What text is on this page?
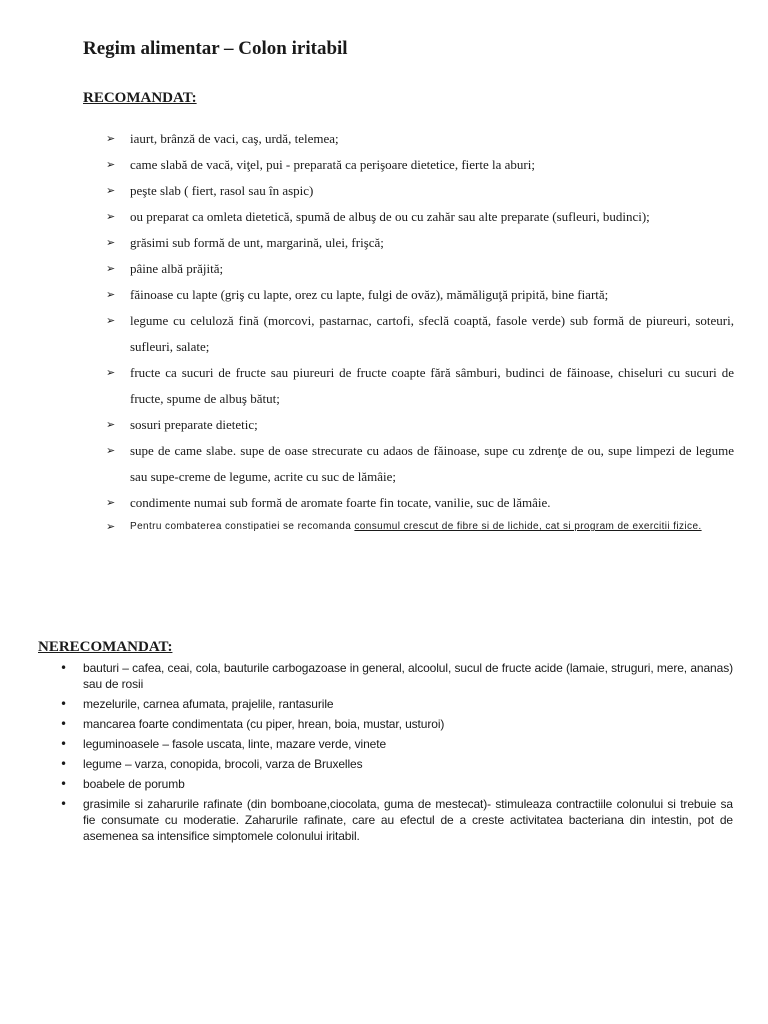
Regim alimentar – Colon iritabil
RECOMANDAT:
➢ iaurt, brânză de vaci, caş, urdă, telemea;
➢ came slabă de vacă, viţel, pui - preparată ca perişoare dietetice, fierte la aburi;
➢ peşte slab ( fiert, rasol sau în aspic)
➢ ou preparat ca omleta dietetică, spumă de albuş de ou cu zahăr sau alte preparate (sufleuri, budinci);
➢ grăsimi sub formă de unt, margarină, ulei, frişcă;
➢ pâine albă prăjită;
➢ făinoase cu lapte (griş cu lapte, orez cu lapte, fulgi de ovăz), mămăliguţă pripită, bine fiartă;
➢ legume cu celuloză fină (morcovi, pastarnac, cartofi, sfeclă coaptă, fasole verde) sub formă de piureuri, soteuri, sufleuri, salate;
➢ fructe ca sucuri de fructe sau piureuri de fructe coapte fără sâmburi, budinci de făinoase, chiseluri cu sucuri de fructe, spume de albuş bătut;
➢ sosuri preparate dietetic;
➢ supe de came slabe. supe de oase strecurate cu adaos de făinoase, supe cu zdrenţe de ou, supe limpezi de legume sau supe-creme de legume, acrite cu suc de lămâie;
➢ condimente numai sub formă de aromate foarte fin tocate, vanilie, suc de lămâie.
➢ Pentru combaterea constipatiei se recomanda consumul crescut de fibre si de lichide, cat si program de exercitii fizice.
NERECOMANDAT:
• bauturi – cafea, ceai, cola, bauturile carbogazoase in general, alcoolul, sucul de fructe acide (lamaie, struguri, mere, ananas) sau de rosii
• mezelurile, carnea afumata, prajelile, rantasurile
• mancarea foarte condimentata (cu piper, hrean, boia, mustar, usturoi)
• leguminoasele – fasole uscata, linte, mazare verde, vinete
• legume – varza, conopida, brocoli, varza de Bruxelles
• boabele de porumb
• grasimile si zaharurile rafinate (din bomboane,ciocolata, guma de mestecat)- stimuleaza contractiile colonului si trebuie sa fie consumate cu moderatie. Zaharurile rafinate, care au efectul de a creste activitatea bacteriana din intestin, pot de asemenea sa intensifice simptomele colonului iritabil.
